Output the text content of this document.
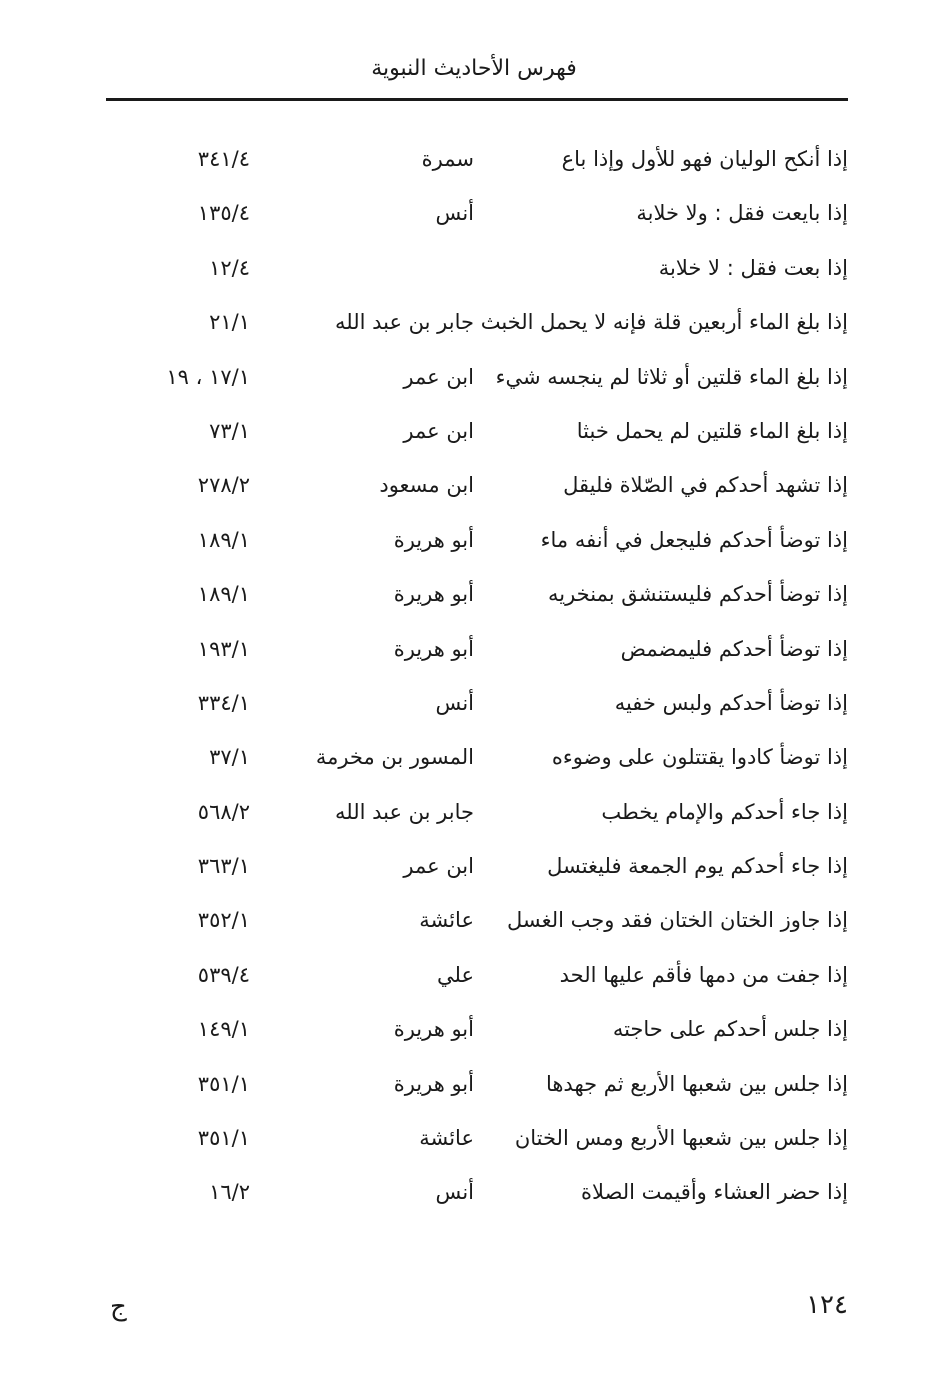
فهرس الأحاديث النبوية
إذا أنكح الوليان فهو للأول وإذا باع
سمرة
٣٤١/٤
إذا بايعت فقل : ولا خلابة
أنس
١٣٥/٤
إذا بعت فقل : لا خلابة
١٢/٤
إذا بلغ الماء أربعين قلة فإنه لا يحمل الخبث
جابر بن عبد الله
٢١/١
إذا بلغ الماء قلتين أو ثلاثا لم ينجسه شيء
ابن عمر
١٧/١ ، ١٩
إذا بلغ الماء قلتين لم يحمل خبثا
ابن عمر
٧٣/١
إذا تشهد أحدكم في الصّلاة فليقل
ابن مسعود
٢٧٨/٢
إذا توضأ أحدكم فليجعل في أنفه ماء
أبو هريرة
١٨٩/١
إذا توضأ أحدكم فليستنشق بمنخريه
أبو هريرة
١٨٩/١
إذا توضأ أحدكم فليمضمض
أبو هريرة
١٩٣/١
إذا توضأ أحدكم ولبس خفيه
أنس
٣٣٤/١
إذا توضأ كادوا يقتتلون على وضوءه
المسور بن مخرمة
٣٧/١
إذا جاء أحدكم والإمام يخطب
جابر بن عبد الله
٥٦٨/٢
إذا جاء أحدكم يوم الجمعة فليغتسل
ابن عمر
٣٦٣/١
إذا جاوز الختان الختان فقد وجب الغسل
عائشة
٣٥٢/١
إذا جفت من دمها فأقم عليها الحد
علي
٥٣٩/٤
إذا جلس أحدكم على حاجته
أبو هريرة
١٤٩/١
إذا جلس بين شعبها الأربع ثم جهدها
أبو هريرة
٣٥١/١
إذا جلس بين شعبها الأربع ومس الختان
عائشة
٣٥١/١
إذا حضر العشاء وأقيمت الصلاة
أنس
١٦/٢
١٢٤
ج
